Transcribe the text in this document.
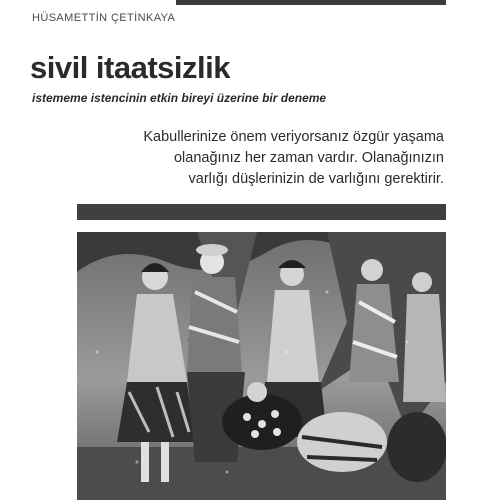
HÜSAMETTİN ÇETİNKAYA
sivil itaatsizlik
istememe istencinin etkin bireyi üzerine bir deneme
Kabullerinize önem veriyorsanız özgür yaşama
olanağınız her zaman vardır. Olanağınızın
varlığı düşlerinizin de varlığını gerektirir.
